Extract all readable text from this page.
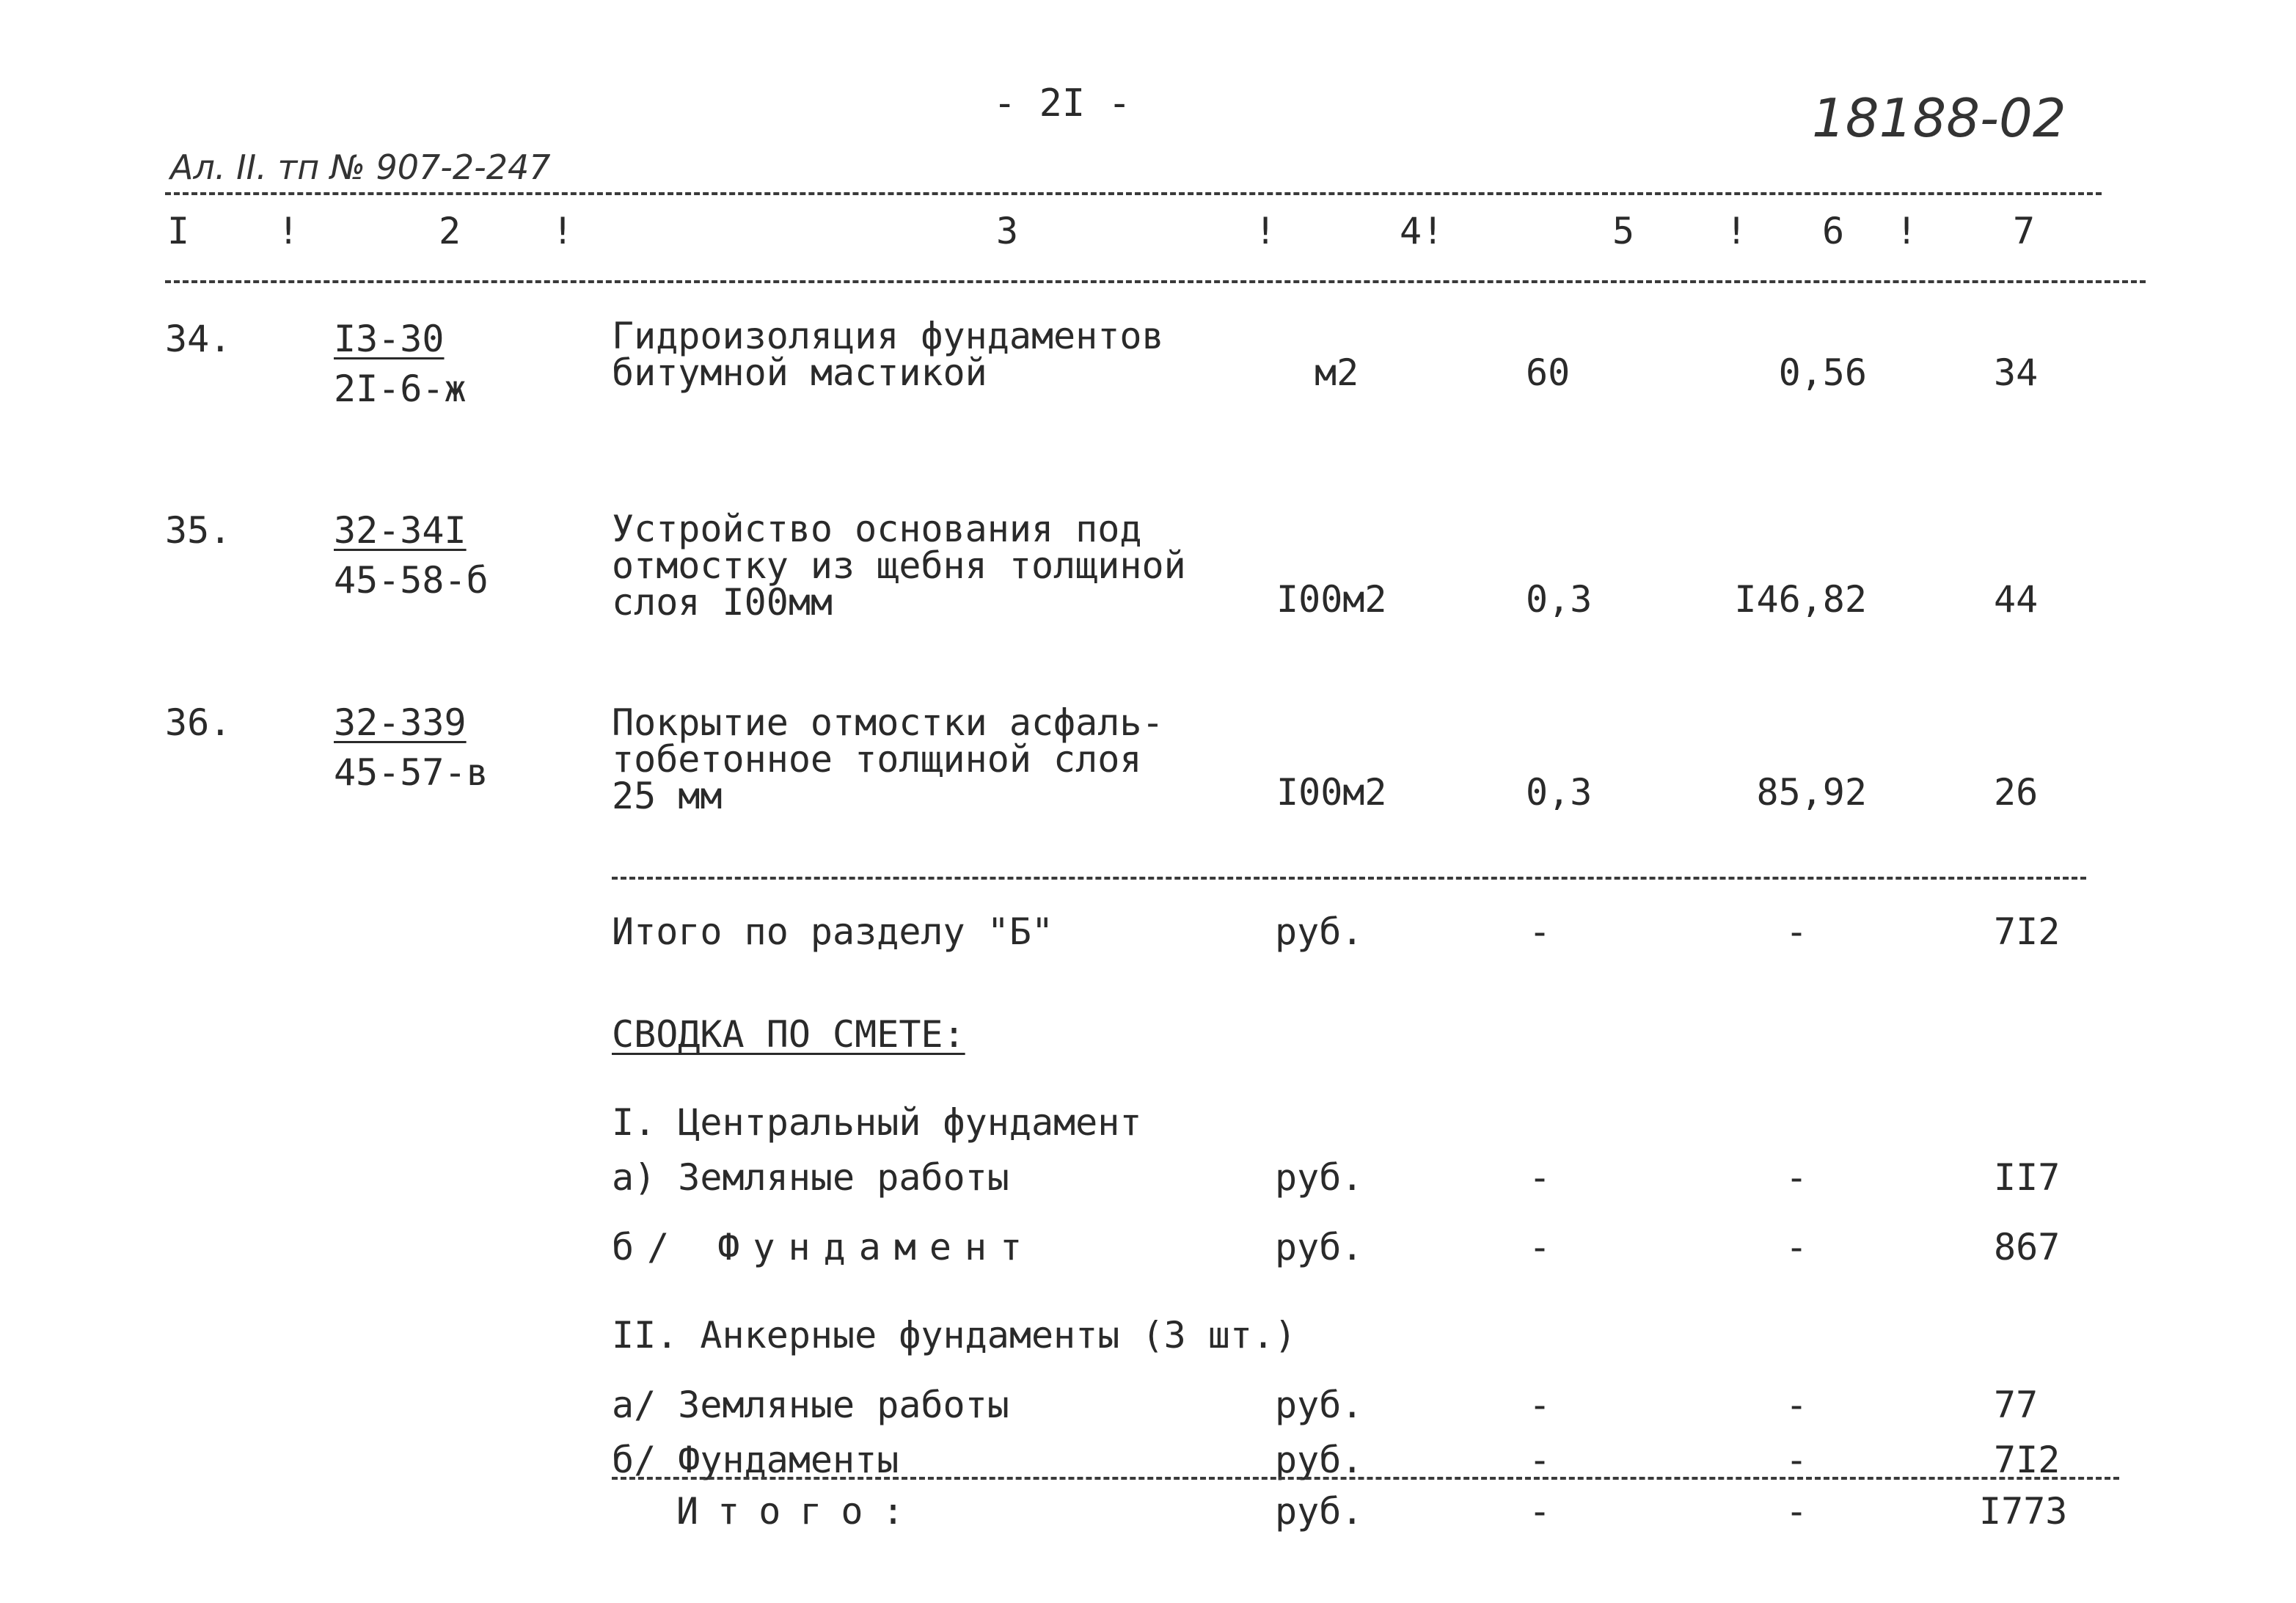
- 2I -	18188-02
Ал. II. тп № 907-2-247
I !	2 !	3	!	4!	5 ! 6 !	7
34.	I3-30
2I-6-ж
Гидроизоляция фундаментов
битумной мастикой	м2	60	0,56	34
35.	32-34I
45-58-б
Устройство основания под
отмостку из щебня толщиной
слоя I00мм	I00м2	0,3	I46,82	44
36.	32-339
45-57-в
Покрытие отмостки асфаль-
тобетонное толщиной слоя
25 мм	I00м2	0,3	85,92	26
Итого по разделу "Б"	руб.	-	-	7I2
СВОДКА ПО СМЕТЕ:
I. Центральный фундамент
а) Земляные работы	руб.	-	-	II7
б/ Фундамент	руб.	-	-	867
II. Анкерные фундаменты (3 шт.)
а/ Земляные работы	руб.	-	-	77
б/ Фундаменты	руб.	-	-	7I2
Итого:	руб.	-	-	I773
